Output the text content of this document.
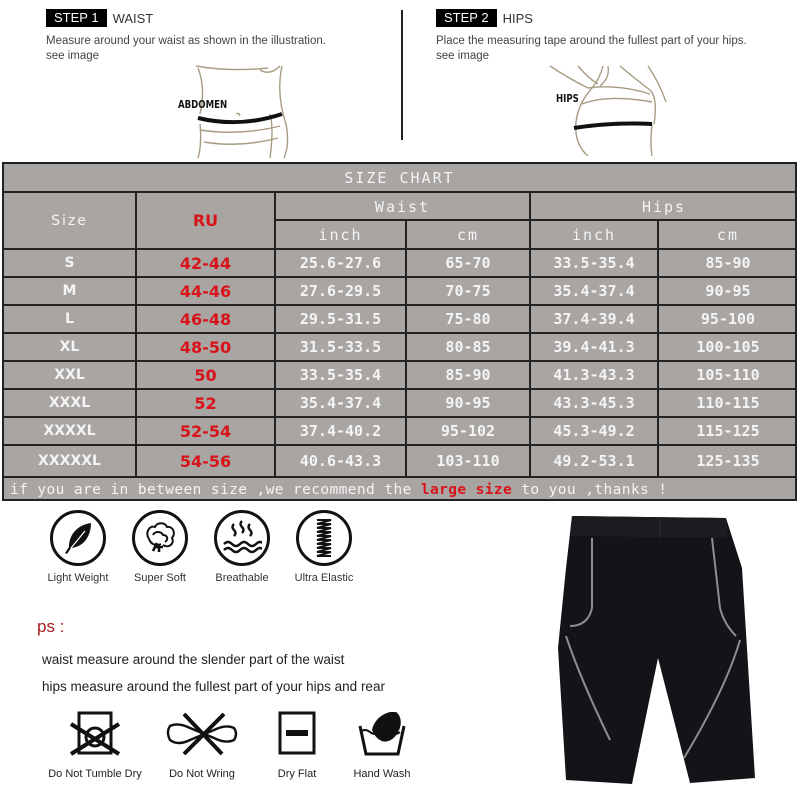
STEP 1	WAIST
Measure around your waist as shown in the illustration.
see image
ABDOMEN
STEP 2	HIPS
Place the measuring tape around the fullest part of your hips.
see image
HIPS
SIZE CHART
Size	RU
Waist	Hips
inch	cm	inch	cm
S	42-44	25.6-27.6	65-70	33.5-35.4	85-90
M	44-46	27.6-29.5	70-75	35.4-37.4	90-95
L	46-48	29.5-31.5	75-80	37.4-39.4	95-100
XL	48-50	31.5-33.5	80-85	39.4-41.3	100-105
XXL	50	33.5-35.4	85-90	41.3-43.3	105-110
XXXL	52	35.4-37.4	90-95	43.3-45.3	110-115
XXXXL	52-54	37.4-40.2	95-102	45.3-49.2	115-125
XXXXXL	54-56	40.6-43.3	103-110	49.2-53.1	125-135
if you are in between size ,we recommend the large size to you ,thanks !
Light Weight Super Soft	Breathable Ultra Elastic
ps :
waist measure around the slender part of the waist
hips measure around the fullest part of your hips and rear
Do Not Tumble Dry Do Not Wring	Dry Flat	Hand Wash
